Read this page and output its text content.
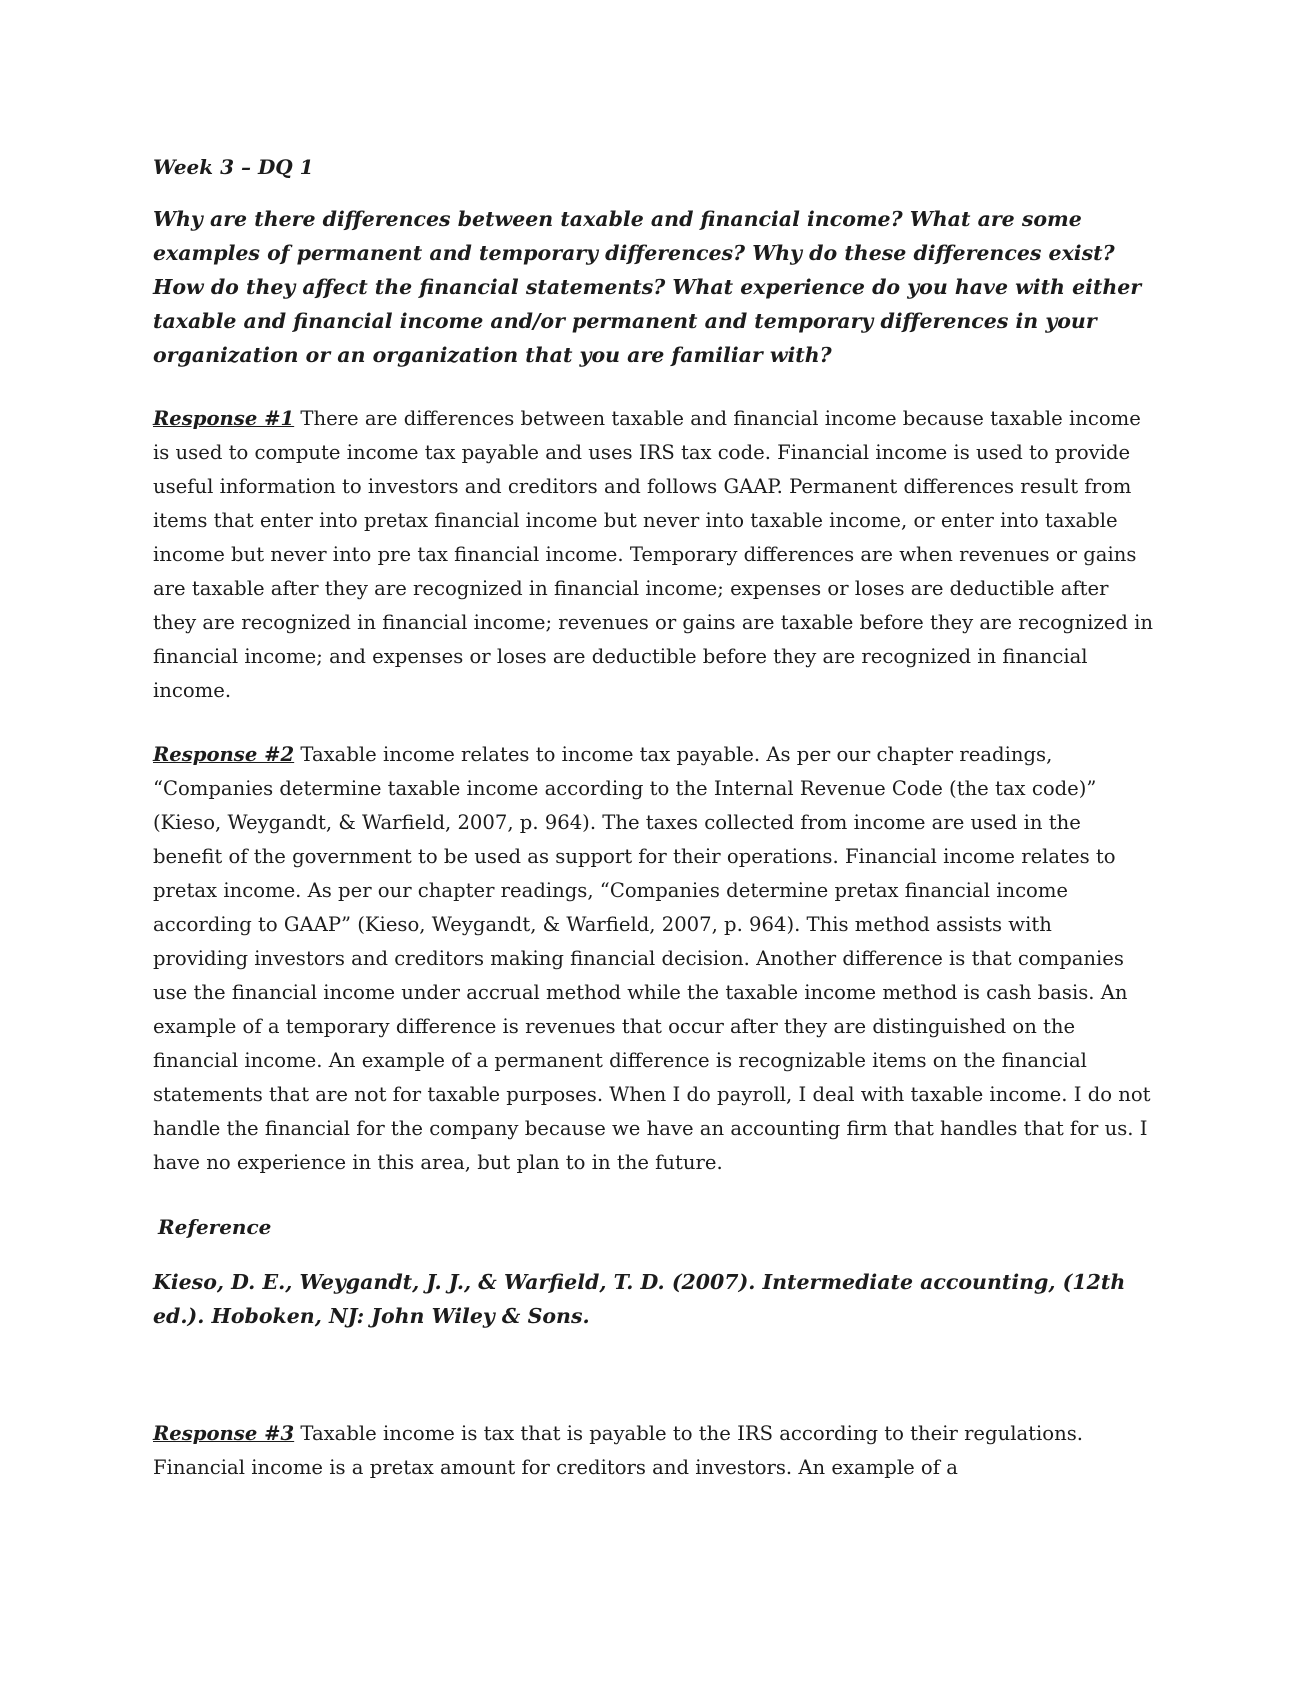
Week 3 – DQ 1

Why are there differences between taxable and financial income? What are some examples of permanent and temporary differences? Why do these differences exist? How do they affect the financial statements? What experience do you have with either taxable and financial income and/or permanent and temporary differences in your organization or an organization that you are familiar with?

Response #1 There are differences between taxable and financial income because taxable income is used to compute income tax payable and uses IRS tax code. Financial income is used to provide useful information to investors and creditors and follows GAAP. Permanent differences result from items that enter into pretax financial income but never into taxable income, or enter into taxable income but never into pre tax financial income. Temporary differences are when revenues or gains are taxable after they are recognized in financial income; expenses or loses are deductible after they are recognized in financial income; revenues or gains are taxable before they are recognized in financial income; and expenses or loses are deductible before they are recognized in financial income.

Response #2 Taxable income relates to income tax payable. As per our chapter readings, “Companies determine taxable income according to the Internal Revenue Code (the tax code)” (Kieso, Weygandt, & Warfield, 2007, p. 964). The taxes collected from income are used in the benefit of the government to be used as support for their operations. Financial income relates to pretax income. As per our chapter readings, “Companies determine pretax financial income according to GAAP” (Kieso, Weygandt, & Warfield, 2007, p. 964). This method assists with providing investors and creditors making financial decision. Another difference is that companies use the financial income under accrual method while the taxable income method is cash basis. An example of a temporary difference is revenues that occur after they are distinguished on the financial income. An example of a permanent difference is recognizable items on the financial statements that are not for taxable purposes. When I do payroll, I deal with taxable income. I do not handle the financial for the company because we have an accounting firm that handles that for us. I have no experience in this area, but plan to in the future.

Reference

Kieso, D. E., Weygandt, J. J., & Warfield, T. D. (2007). Intermediate accounting, (12th ed.). Hoboken, NJ: John Wiley & Sons.

Response #3 Taxable income is tax that is payable to the IRS according to their regulations. Financial income is a pretax amount for creditors and investors. An example of a
